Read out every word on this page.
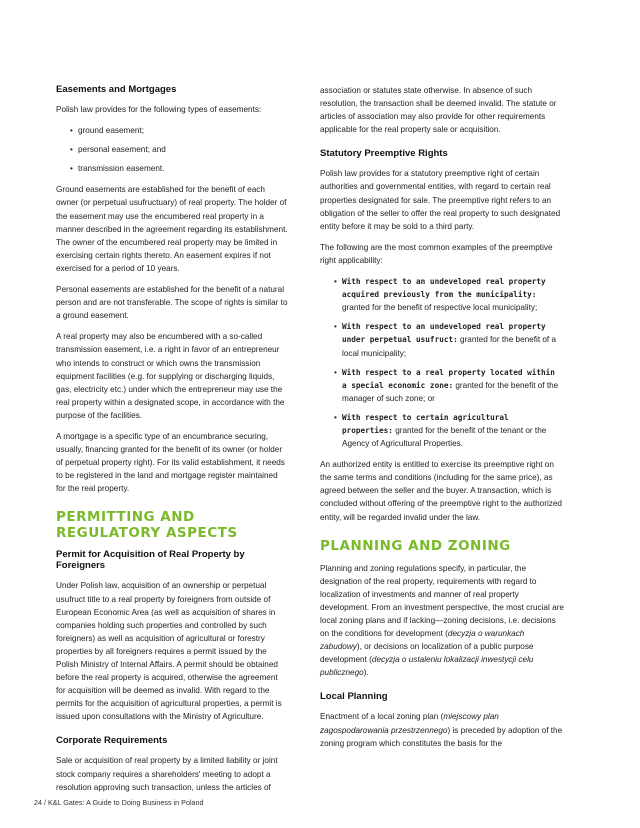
Easements and Mortgages

Polish law provides for the following types of easements:

• ground easement;
• personal easement; and
• transmission easement.

Ground easements are established for the benefit of each owner (or perpetual usufructuary) of real property. The holder of the easement may use the encumbered real property in a manner described in the agreement regarding its establishment. The owner of the encumbered real property may be limited in exercising certain rights thereto. An easement expires if not exercised for a period of 10 years.

Personal easements are established for the benefit of a natural person and are not transferable. The scope of rights is similar to a ground easement.

A real property may also be encumbered with a so-called transmission easement, i.e. a right in favor of an entrepreneur who intends to construct or which owns the transmission equipment facilities (e.g. for supplying or discharging liquids, gas, electricity etc.) under which the entrepreneur may use the real property within a designated scope, in accordance with the purpose of the facilities.

A mortgage is a specific type of an encumbrance securing, usually, financing granted for the benefit of its owner (or holder of perpetual property right). For its valid establishment, it needs to be registered in the land and mortgage register maintained for the real property.

PERMITTING AND REGULATORY ASPECTS
Permit for Acquisition of Real Property by Foreigners

Under Polish law, acquisition of an ownership or perpetual usufruct title to a real property by foreigners from outside of European Economic Area (as well as acquisition of shares in companies holding such properties and controlled by such foreigners) as well as acquisition of agricultural or forestry properties by all foreigners requires a permit issued by the Polish Ministry of Internal Affairs. A permit should be obtained before the real property is acquired, otherwise the agreement for acquisition will be deemed as invalid. With regard to the permits for the acquisition of agricultural properties, a permit is issued upon consultations with the Ministry of Agriculture.

Corporate Requirements

Sale or acquisition of real property by a limited liability or joint stock company requires a shareholders' meeting to adopt a resolution approving such transaction, unless the articles of

association or statutes state otherwise. In absence of such resolution, the transaction shall be deemed invalid. The statute or articles of association may also provide for other requirements applicable for the real property sale or acquisition.

Statutory Preemptive Rights

Polish law provides for a statutory preemptive right of certain authorities and governmental entities, with regard to certain real properties designated for sale. The preemptive right refers to an obligation of the seller to offer the real property to such designated entity before it may be sold to a third party.

The following are the most common examples of the preemptive right applicability:

• With respect to an undeveloped real property acquired previously from the municipality: granted for the benefit of respective local municipality;
• With respect to an undeveloped real property under perpetual usufruct: granted for the benefit of a local municipality;
• With respect to a real property located within a special economic zone: granted for the benefit of the manager of such zone; or
• With respect to certain agricultural properties: granted for the benefit of the tenant or the Agency of Agricultural Properties.

An authorized entity is entitled to exercise its preemptive right on the same terms and conditions (including for the same price), as agreed between the seller and the buyer. A transaction, which is concluded without offering of the preemptive right to the authorized entity, will be regarded invalid under the law.

PLANNING AND ZONING

Planning and zoning regulations specify, in particular, the designation of the real property, requirements with regard to localization of investments and manner of real property development. From an investment perspective, the most crucial are local zoning plans and if lacking—zoning decisions, i.e. decisions on the conditions for development (decyzja o warunkach zabudowy), or decisions on localization of a public purpose development (decyzja o ustaleniu lokalizacji inwestycji celu publicznego).

Local Planning

Enactment of a local zoning plan (miejscowy plan zagospodarowania przestrzennego) is preceded by adoption of the zoning program which constitutes the basis for the

24 / K&L Gates: A Guide to Doing Business in Poland
